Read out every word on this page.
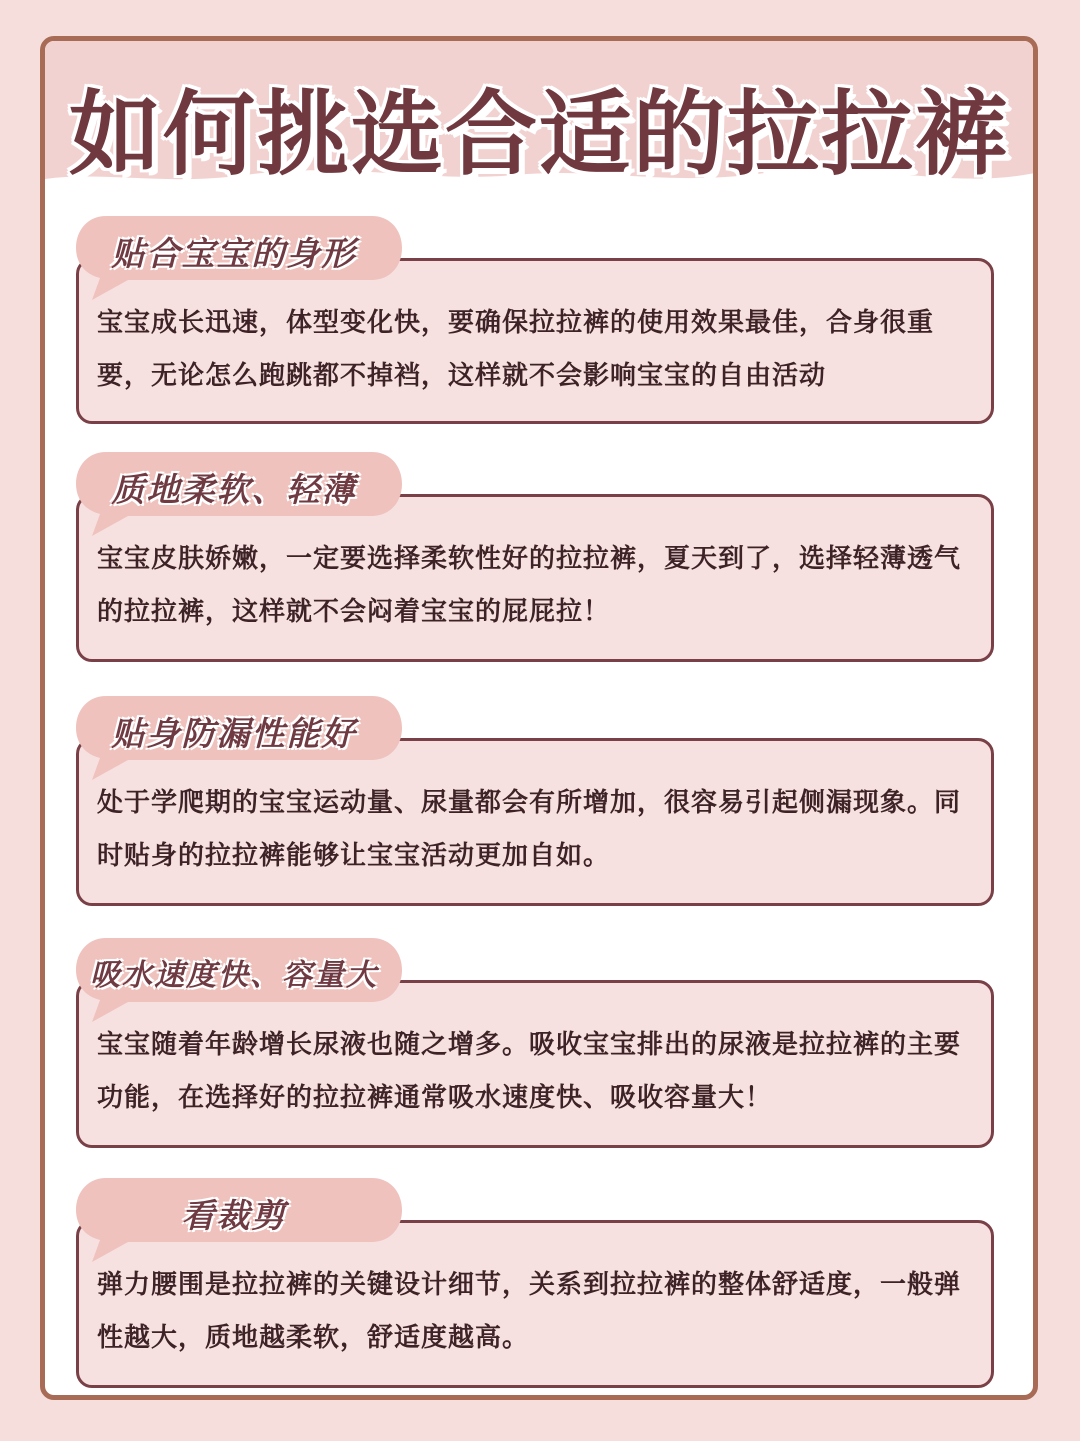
如何挑选合适的拉拉裤

宝宝成长迅速，体型变化快，要确保拉拉裤的使用效果最佳，合身很重要，无论怎么跑跳都不掉裆，这样就不会影响宝宝的自由活动

贴合宝宝的身形

宝宝皮肤娇嫩，一定要选择柔软性好的拉拉裤，夏天到了，选择轻薄透气的拉拉裤，这样就不会闷着宝宝的屁屁拉！

质地柔软、轻薄

处于学爬期的宝宝运动量、尿量都会有所增加，很容易引起侧漏现象。同时贴身的拉拉裤能够让宝宝活动更加自如。

贴身防漏性能好

宝宝随着年龄增长尿液也随之增多。吸收宝宝排出的尿液是拉拉裤的主要功能，在选择好的拉拉裤通常吸水速度快、吸收容量大！

吸水速度快、容量大

弹力腰围是拉拉裤的关键设计细节，关系到拉拉裤的整体舒适度，一般弹性越大，质地越柔软，舒适度越高。

看裁剪
